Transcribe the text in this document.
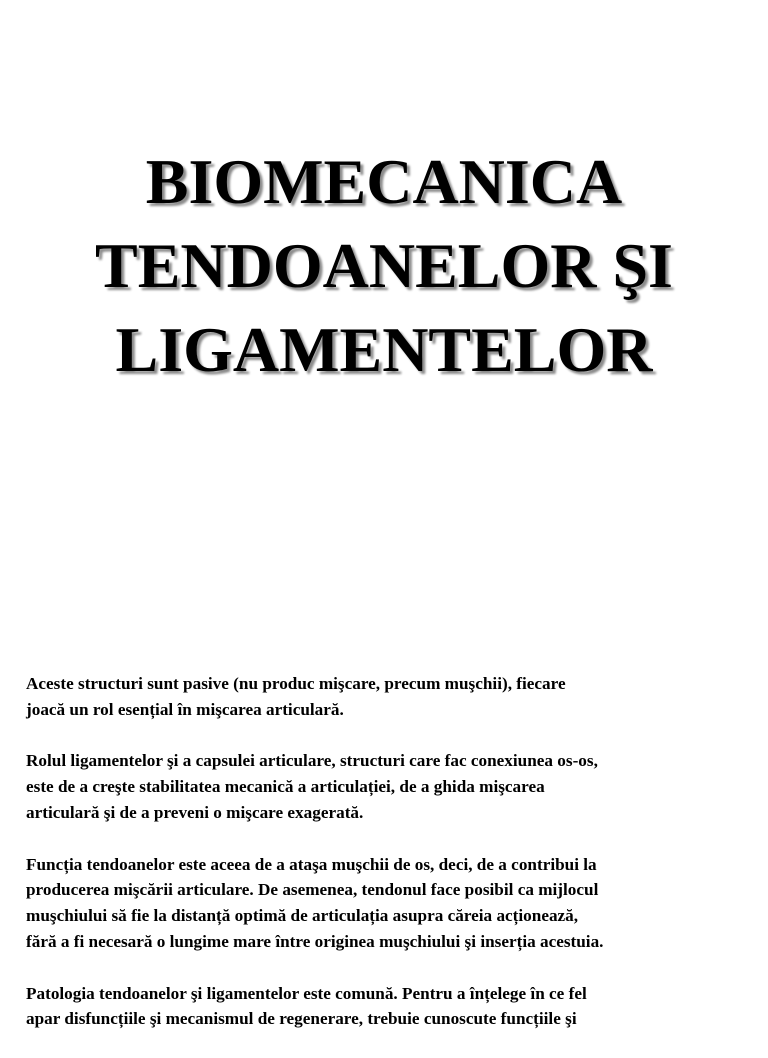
BIOMECANICA
TENDOANELOR ŞI
LIGAMENTELOR

Aceste structuri sunt pasive (nu produc mişcare, precum muşchii), fiecare
joacă un rol esențial în mişcarea articulară.

Rolul ligamentelor şi a capsulei articulare, structuri care fac conexiunea os-os,
este de a creşte stabilitatea mecanică a articulației, de a ghida mişcarea
articulară şi de a preveni o mişcare exagerată.

Funcția tendoanelor este aceea de a ataşa muşchii de os, deci, de a contribui la
producerea mişcării articulare. De asemenea, tendonul face posibil ca mijlocul
muşchiului să fie la distanță optimă de articulația asupra căreia acționează,
fără a fi necesară o lungime mare între originea muşchiului şi inserția acestuia.

Patologia tendoanelor şi ligamentelor este comună. Pentru a înțelege în ce fel
apar disfuncțiile şi mecanismul de regenerare, trebuie cunoscute funcțiile şi
